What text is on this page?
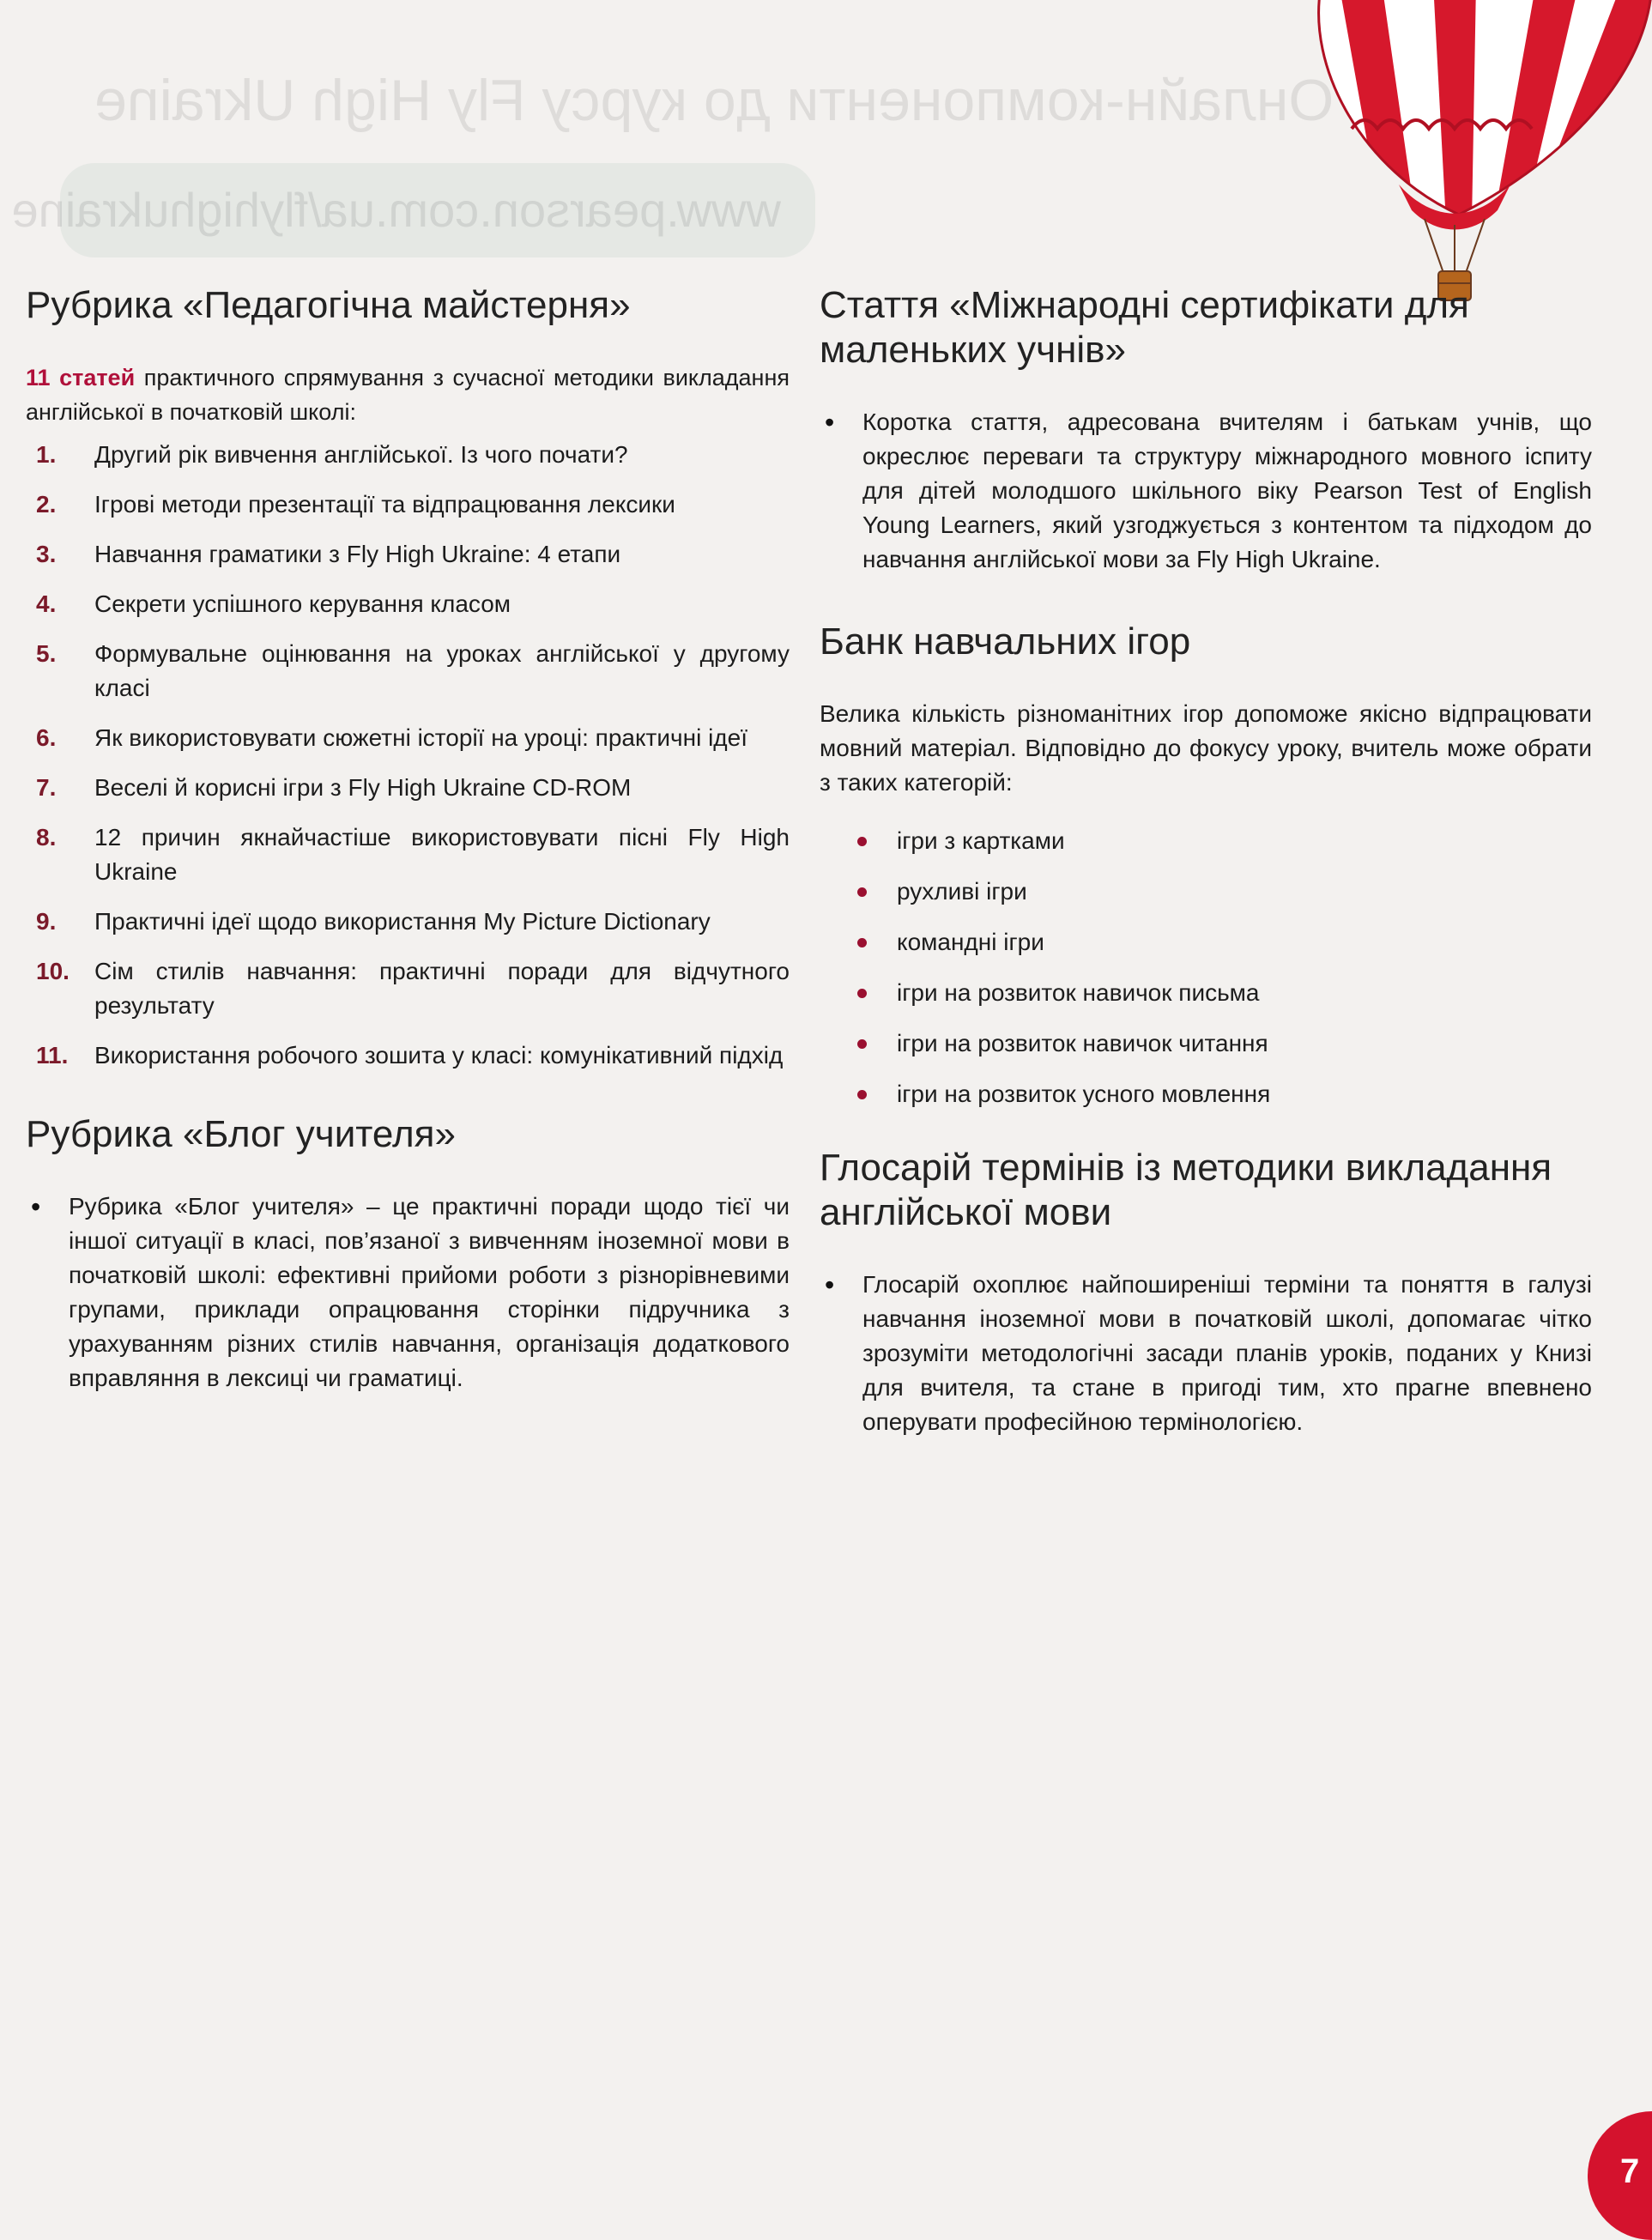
Онлайн-компоненти до курсу Fly High Ukraine
www.pearson.com.ua/flyhighukraine
Рубрика «Педагогічна майстерня»

11 статей практичного спрямування з сучасної методики викладання англійської в початковій школі:

1. Другий рік вивчення англійської. Із чого почати?
2. Ігрові методи презентації та відпрацювання лексики
3. Навчання граматики з Fly High Ukraine: 4 етапи
4. Секрети успішного керування класом
5. Формувальне оцінювання на уроках англійської у другому класі
6. Як використовувати сюжетні історії на уроці: практичні ідеї
7. Веселі й корисні ігри з Fly High Ukraine CD-ROM
8. 12 причин якнайчастіше використовувати пісні Fly High Ukraine
9. Практичні ідеї щодо використання My Picture Dictionary
10. Сім стилів навчання: практичні поради для відчутного результату
11. Використання робочого зошита у класі: комунікативний підхід
Рубрика «Блог учителя»
• Рубрика «Блог учителя» – це практичні поради щодо тієї чи іншої ситуації в класі, пов’язаної з вивченням іноземної мови в початковій школі: ефективні прийоми роботи з різнорівневими групами, приклади опрацювання сторінки підручника з урахуванням різних стилів навчання, організація додаткового вправляння в лексиці чи граматиці.
Стаття «Міжнародні сертифікати для маленьких учнів»
• Коротка стаття, адресована вчителям і батькам учнів, що окреслює переваги та структуру міжнародного мовного іспиту для дітей молодшого шкільного віку Pearson Test of English Young Learners, який узгоджується з контентом та підходом до навчання англійської мови за Fly High Ukraine.
Банк навчальних ігор

Велика кількість різноманітних ігор допоможе якісно відпрацювати мовний матеріал. Відповідно до фокусу уроку, вчитель може обрати з таких категорій:

ігри з картками
рухливі ігри
командні ігри
ігри на розвиток навичок письма
ігри на розвиток навичок читання
ігри на розвиток усного мовлення
Глосарій термінів із методики викладання англійської мови
• Глосарій охоплює найпоширеніші терміни та поняття в галузі навчання іноземної мови в початковій школі, допомагає чітко зрозуміти методологічні засади планів уроків, поданих у Книзі для вчителя, та стане в пригоді тим, хто прагне впевнено оперувати професійною термінологією.
7
